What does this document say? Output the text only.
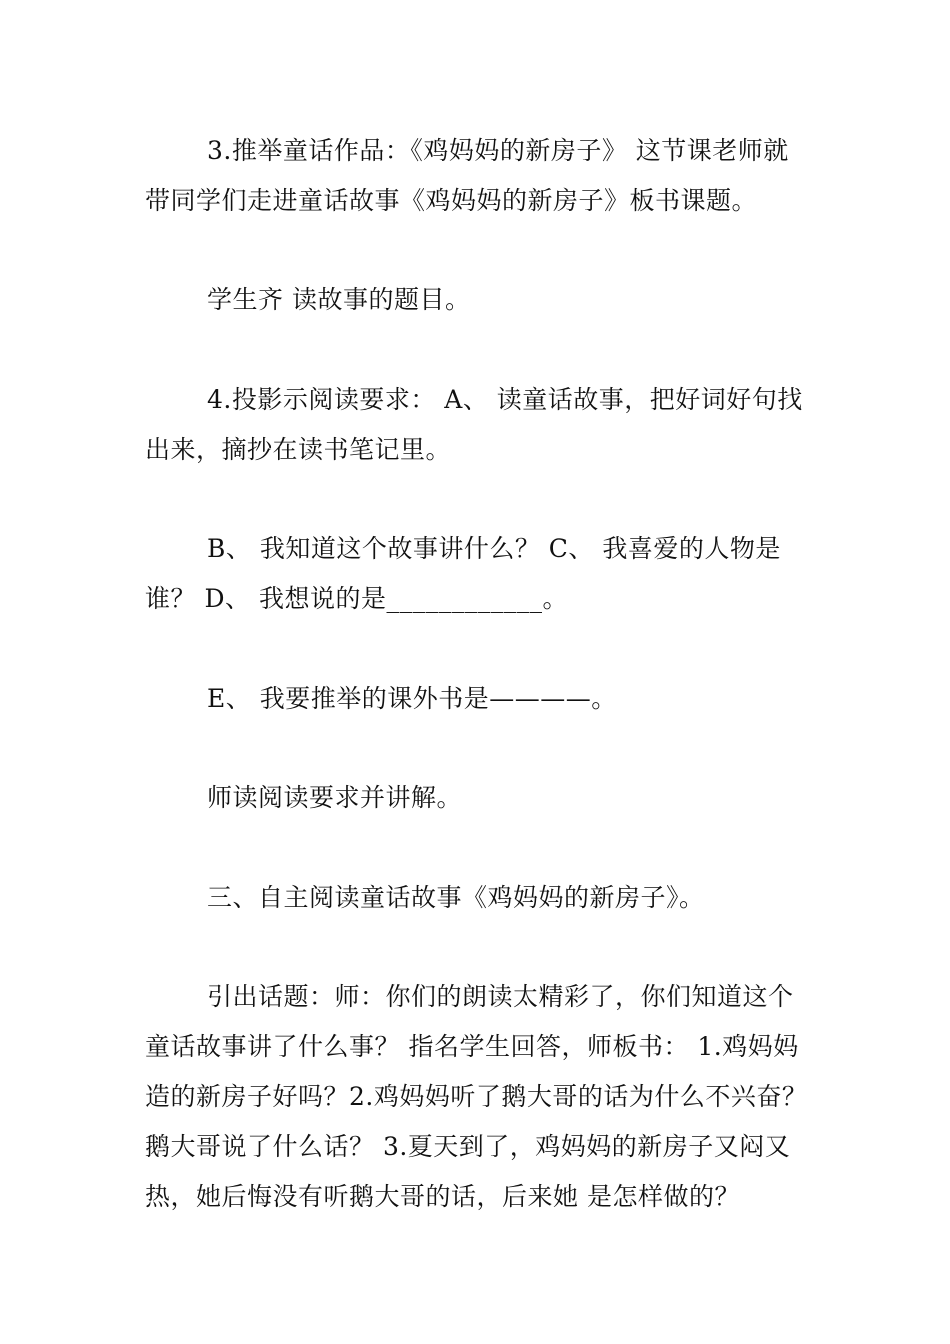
3.推举童话作品：《鸡妈妈的新房子》 这节课老师就带同学们走进童话故事《鸡妈妈的新房子》板书课题。

学生齐 读故事的题目。

4.投影示阅读要求： A、 读童话故事，把好词好句找出来，摘抄在读书笔记里。

B、 我知道这个故事讲什么？ C、 我喜爱的人物是谁？ D、 我想说的是____________。

E、 我要推举的课外书是————。

师读阅读要求并讲解。

三、自主阅读童话故事《鸡妈妈的新房子》。

引出话题：师：你们的朗读太精彩了，你们知道这个童话故事讲了什么事？ 指名学生回答，师板书： 1.鸡妈妈造的新房子好吗？2.鸡妈妈听了鹅大哥的话为什么不兴奋？鹅大哥说了什么话？ 3.夏天到了，鸡妈妈的新房子又闷又热，她后悔没有听鹅大哥的话，后来她 是怎样做的？
